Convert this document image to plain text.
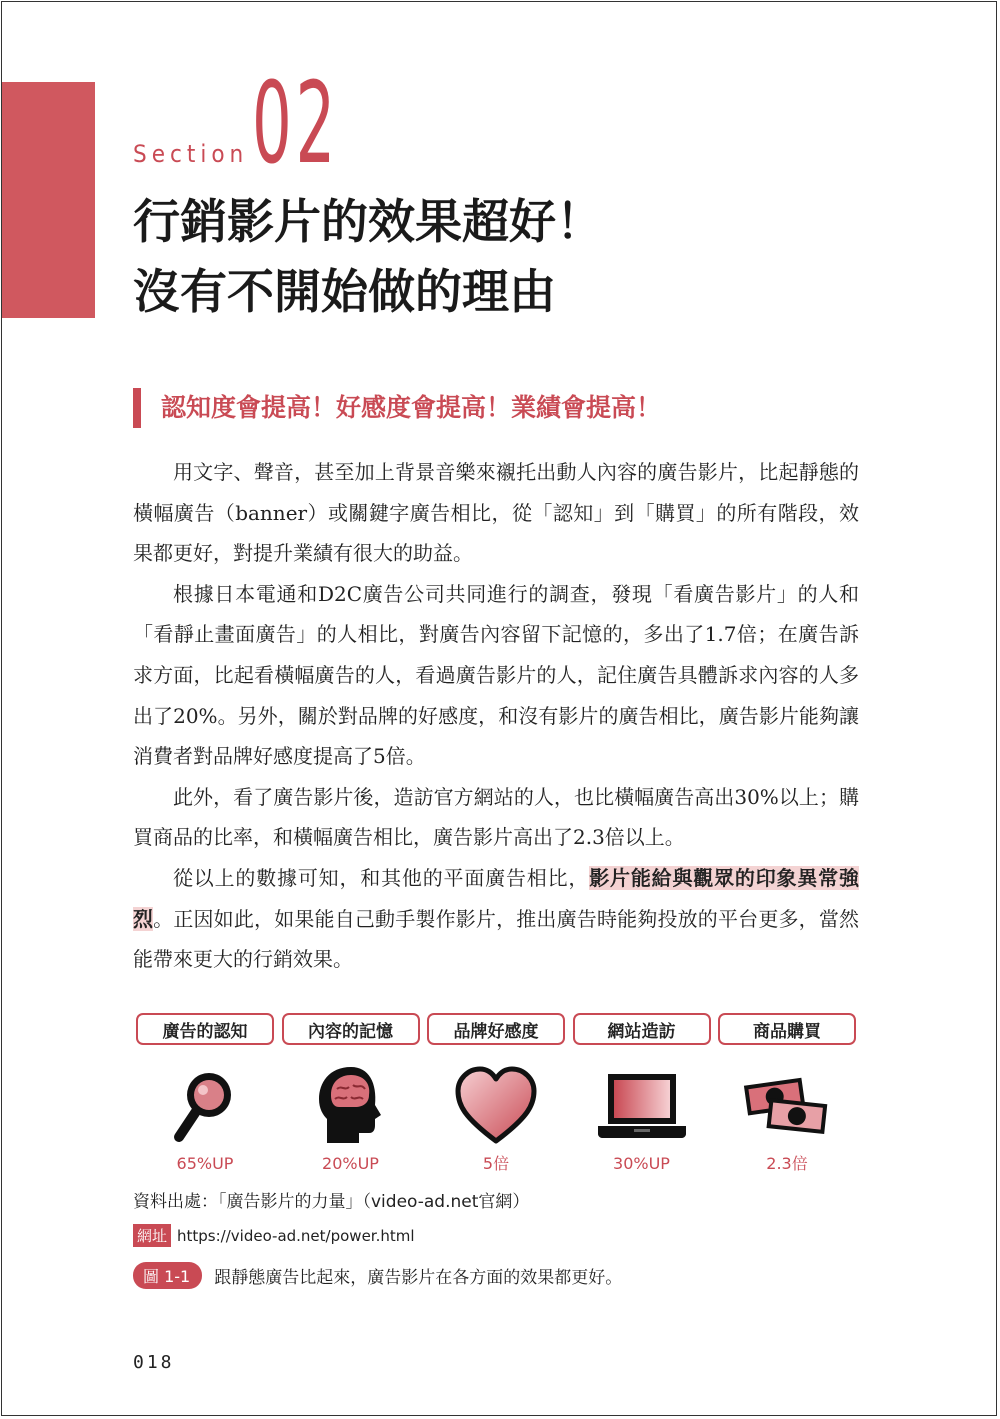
Section 02
行銷影片的效果超好！
沒有不開始做的理由
認知度會提高！好感度會提高！業績會提高！

用文字、聲音，甚至加上背景音樂來襯托出動人內容的廣告影片，比起靜態的橫幅廣告（banner）或關鍵字廣告相比，從「認知」到「購買」的所有階段，效果都更好，對提升業績有很大的助益。

根據日本電通和D2C廣告公司共同進行的調查，發現「看廣告影片」的人和「看靜止畫面廣告」的人相比，對廣告內容留下記憶的，多出了1.7倍；在廣告訴求方面，比起看橫幅廣告的人，看過廣告影片的人，記住廣告具體訴求內容的人多出了20%。另外，關於對品牌的好感度，和沒有影片的廣告相比，廣告影片能夠讓消費者對品牌好感度提高了5倍。

此外，看了廣告影片後，造訪官方網站的人，也比橫幅廣告高出30%以上；購買商品的比率，和橫幅廣告相比，廣告影片高出了2.3倍以上。

從以上的數據可知，和其他的平面廣告相比，影片能給與觀眾的印象異常強烈。正因如此，如果能自己動手製作影片，推出廣告時能夠投放的平台更多，當然能帶來更大的行銷效果。

廣告的認知	內容的記憶	品牌好感度	網站造訪	商品購買
65%UP	20%UP	5倍	30%UP	2.3倍
資料出處：「廣告影片的力量」（video-ad.net官網）
網址 https://video-ad.net/power.html
圖 1-1	跟靜態廣告比起來，廣告影片在各方面的效果都更好。
018
